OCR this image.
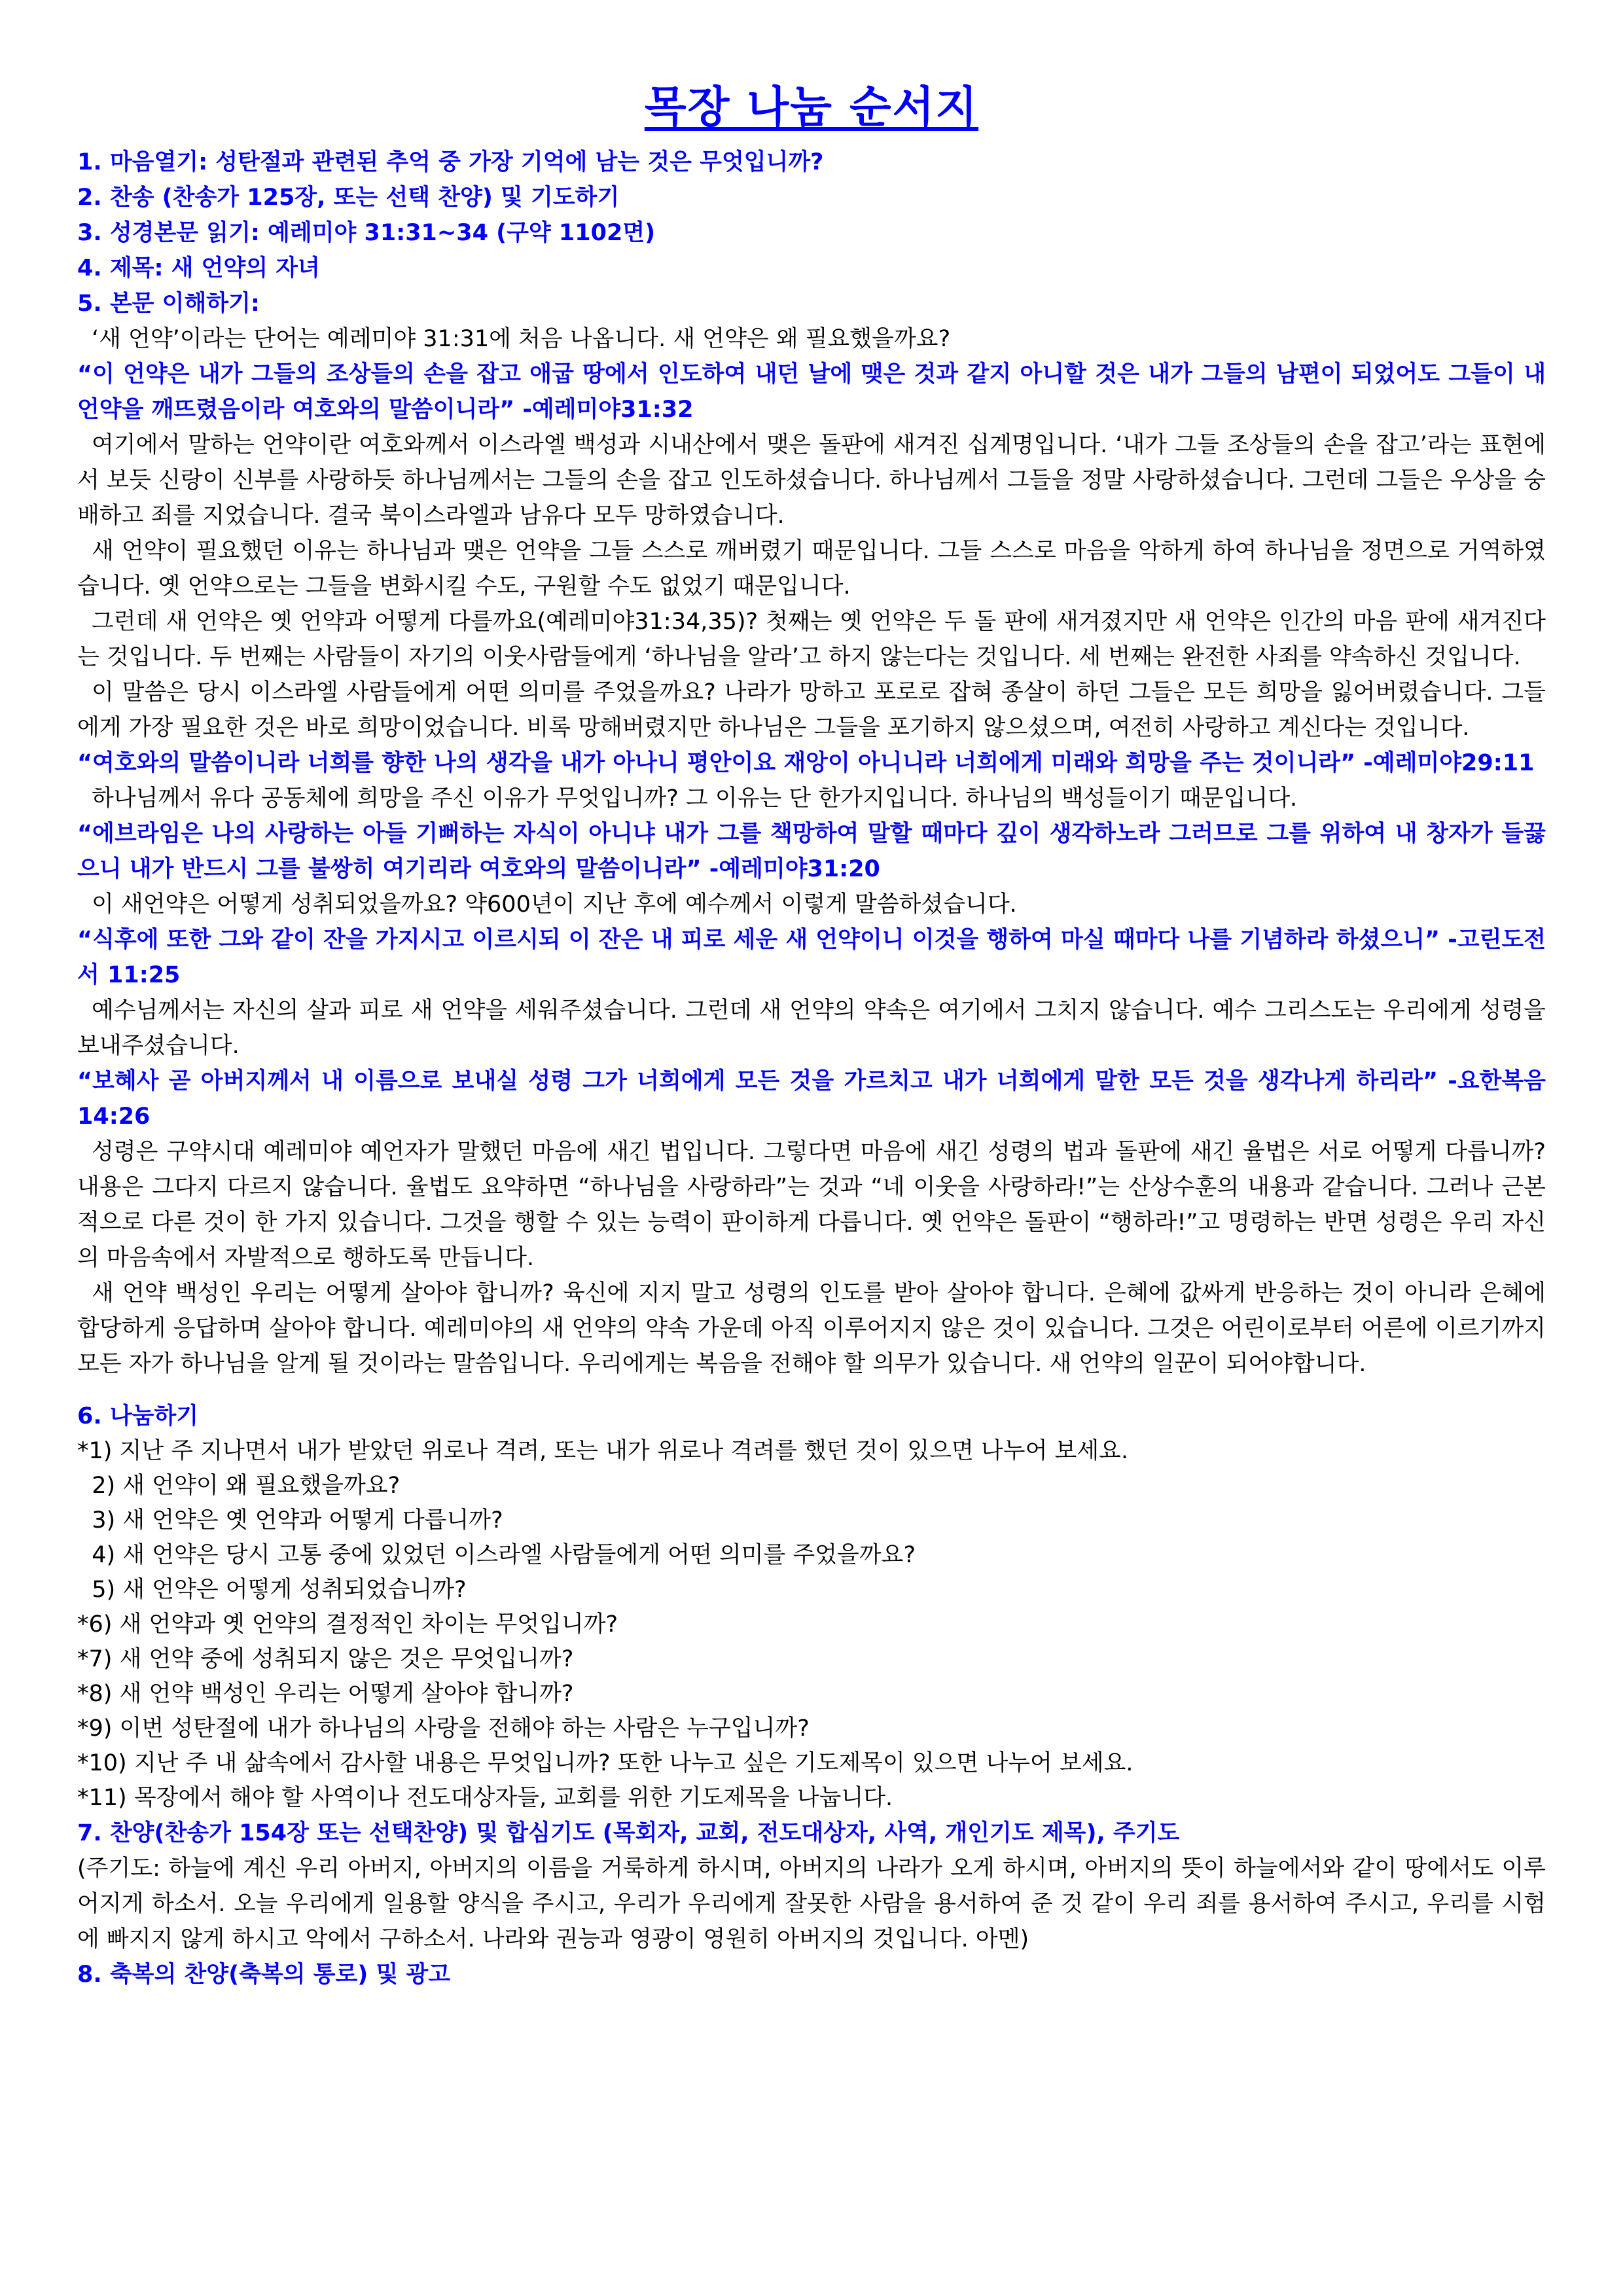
목장 나눔 순서지
1. 마음열기: 성탄절과 관련된 추억 중 가장 기억에 남는 것은 무엇입니까?
2. 찬송 (찬송가 125장, 또는 선택 찬양) 및 기도하기
3. 성경본문 읽기: 예레미야 31:31~34 (구약 1102면)
4. 제목: 새 언약의 자녀
5. 본문 이해하기:

‘새 언약’이라는 단어는 예레미야 31:31에 처음 나옵니다. 새 언약은 왜 필요했을까요?

“이 언약은 내가 그들의 조상들의 손을 잡고 애굽 땅에서 인도하여 내던 날에 맺은 것과 같지 아니할 것은 내가 그들의 남편이 되었어도 그들이 내 언약을 깨뜨렸음이라 여호와의 말씀이니라” -예레미야31:32

여기에서 말하는 언약이란 여호와께서 이스라엘 백성과 시내산에서 맺은 돌판에 새겨진 십계명입니다. ‘내가 그들 조상들의 손을 잡고’라는 표현에서 보듯 신랑이 신부를 사랑하듯 하나님께서는 그들의 손을 잡고 인도하셨습니다. 하나님께서 그들을 정말 사랑하셨습니다. 그런데 그들은 우상을 숭배하고 죄를 지었습니다. 결국 북이스라엘과 남유다 모두 망하였습니다.

새 언약이 필요했던 이유는 하나님과 맺은 언약을 그들 스스로 깨버렸기 때문입니다. 그들 스스로 마음을 악하게 하여 하나님을 정면으로 거역하였습니다. 옛 언약으로는 그들을 변화시킬 수도, 구원할 수도 없었기 때문입니다.

그런데 새 언약은 옛 언약과 어떻게 다를까요(예레미야31:34,35)? 첫째는 옛 언약은 두 돌 판에 새겨졌지만 새 언약은 인간의 마음 판에 새겨진다는 것입니다. 두 번째는 사람들이 자기의 이웃사람들에게 ‘하나님을 알라’고 하지 않는다는 것입니다. 세 번째는 완전한 사죄를 약속하신 것입니다.

이 말씀은 당시 이스라엘 사람들에게 어떤 의미를 주었을까요? 나라가 망하고 포로로 잡혀 종살이 하던 그들은 모든 희망을 잃어버렸습니다. 그들에게 가장 필요한 것은 바로 희망이었습니다. 비록 망해버렸지만 하나님은 그들을 포기하지 않으셨으며, 여전히 사랑하고 계신다는 것입니다.

“여호와의 말씀이니라 너희를 향한 나의 생각을 내가 아나니 평안이요 재앙이 아니니라 너희에게 미래와 희망을 주는 것이니라” -예레미야29:11

하나님께서 유다 공동체에 희망을 주신 이유가 무엇입니까? 그 이유는 단 한가지입니다. 하나님의 백성들이기 때문입니다.

“에브라임은 나의 사랑하는 아들 기뻐하는 자식이 아니냐 내가 그를 책망하여 말할 때마다 깊이 생각하노라 그러므로 그를 위하여 내 창자가 들끓으니 내가 반드시 그를 불쌍히 여기리라 여호와의 말씀이니라” -예레미야31:20

이 새언약은 어떻게 성취되었을까요? 약600년이 지난 후에 예수께서 이렇게 말씀하셨습니다.

“식후에 또한 그와 같이 잔을 가지시고 이르시되 이 잔은 내 피로 세운 새 언약이니 이것을 행하여 마실 때마다 나를 기념하라 하셨으니” -고린도전서 11:25

예수님께서는 자신의 살과 피로 새 언약을 세워주셨습니다. 그런데 새 언약의 약속은 여기에서 그치지 않습니다. 예수 그리스도는 우리에게 성령을 보내주셨습니다.

“보혜사 곧 아버지께서 내 이름으로 보내실 성령 그가 너희에게 모든 것을 가르치고 내가 너희에게 말한 모든 것을 생각나게 하리라” -요한복음 14:26

성령은 구약시대 예레미야 예언자가 말했던 마음에 새긴 법입니다. 그렇다면 마음에 새긴 성령의 법과 돌판에 새긴 율법은 서로 어떻게 다릅니까? 내용은 그다지 다르지 않습니다. 율법도 요약하면 “하나님을 사랑하라”는 것과 “네 이웃을 사랑하라!”는 산상수훈의 내용과 같습니다. 그러나 근본적으로 다른 것이 한 가지 있습니다. 그것을 행할 수 있는 능력이 판이하게 다릅니다. 옛 언약은 돌판이 “행하라!”고 명령하는 반면 성령은 우리 자신의 마음속에서 자발적으로 행하도록 만듭니다.

새 언약 백성인 우리는 어떻게 살아야 합니까? 육신에 지지 말고 성령의 인도를 받아 살아야 합니다. 은혜에 값싸게 반응하는 것이 아니라 은혜에 합당하게 응답하며 살아야 합니다. 예레미야의 새 언약의 약속 가운데 아직 이루어지지 않은 것이 있습니다. 그것은 어린이로부터 어른에 이르기까지 모든 자가 하나님을 알게 될 것이라는 말씀입니다. 우리에게는 복음을 전해야 할 의무가 있습니다. 새 언약의 일꾼이 되어야합니다.

6. 나눔하기
*1) 지난 주 지나면서 내가 받았던 위로나 격려, 또는 내가 위로나 격려를 했던 것이 있으면 나누어 보세요.
2) 새 언약이 왜 필요했을까요?
3) 새 언약은 옛 언약과 어떻게 다릅니까?
4) 새 언약은 당시 고통 중에 있었던 이스라엘 사람들에게 어떤 의미를 주었을까요?
5) 새 언약은 어떻게 성취되었습니까?
*6) 새 언약과 옛 언약의 결정적인 차이는 무엇입니까?
*7) 새 언약 중에 성취되지 않은 것은 무엇입니까?
*8) 새 언약 백성인 우리는 어떻게 살아야 합니까?
*9) 이번 성탄절에 내가 하나님의 사랑을 전해야 하는 사람은 누구입니까?
*10) 지난 주 내 삶속에서 감사할 내용은 무엇입니까? 또한 나누고 싶은 기도제목이 있으면 나누어 보세요.
*11) 목장에서 해야 할 사역이나 전도대상자들, 교회를 위한 기도제목을 나눕니다.
7. 찬양(찬송가 154장 또는 선택찬양) 및 합심기도 (목회자, 교회, 전도대상자, 사역, 개인기도 제목), 주기도

(주기도: 하늘에 계신 우리 아버지, 아버지의 이름을 거룩하게 하시며, 아버지의 나라가 오게 하시며, 아버지의 뜻이 하늘에서와 같이 땅에서도 이루어지게 하소서. 오늘 우리에게 일용할 양식을 주시고, 우리가 우리에게 잘못한 사람을 용서하여 준 것 같이 우리 죄를 용서하여 주시고, 우리를 시험에 빠지지 않게 하시고 악에서 구하소서. 나라와 권능과 영광이 영원히 아버지의 것입니다. 아멘)

8. 축복의 찬양(축복의 통로) 및 광고
